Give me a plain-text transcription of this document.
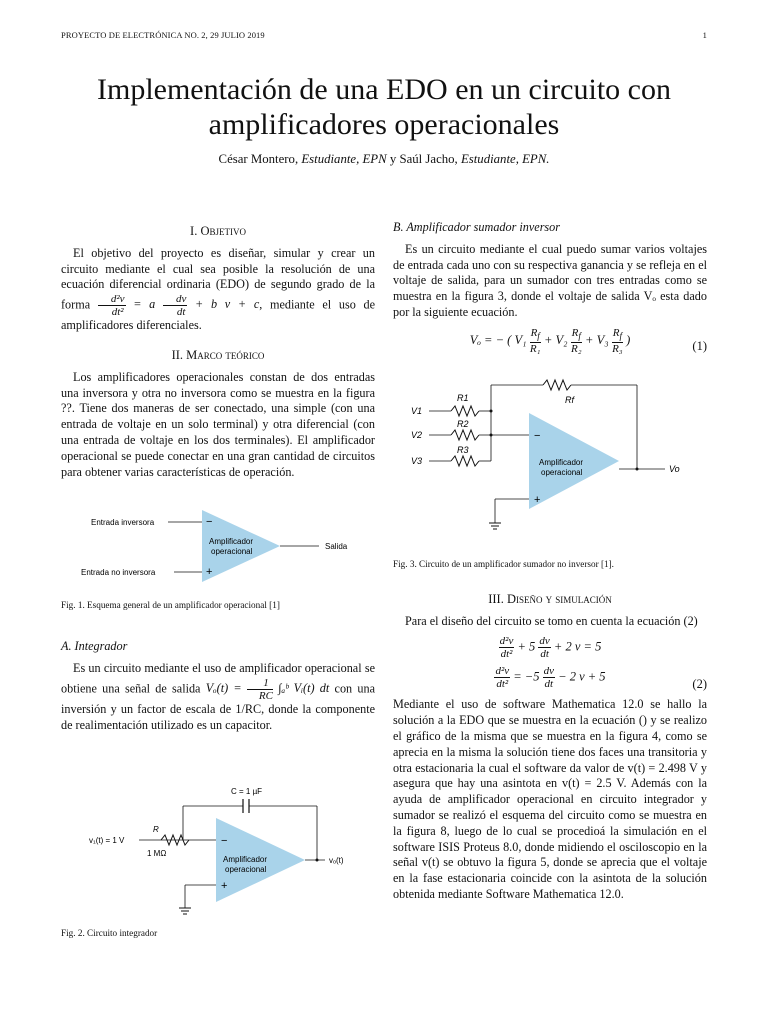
PROYECTO DE ELECTRÓNICA NO. 2, 29 JULIO 2019	1
Implementación de una EDO en un circuito con
amplificadores operacionales
César Montero, Estudiante, EPN y Saúl Jacho, Estudiante, EPN.
I. Objetivo

El objetivo del proyecto es diseñar, simular y crear un circuito mediante el cual sea posible la resolución de una ecuación diferencial ordinaria (EDO) de segundo grado de la forma $\frac{\text{d²v}}{\text{dt²}} = a \frac{dv}{dt} + b$ v + c, mediante el uso de amplificadores diferenciales.

II. Marco teórico

Los amplificadores operacionales constan de dos entradas una inversora y otra no inversora como se muestra en la figura ??. Tiene dos maneras de ser conectado, una simple (con una entrada de voltaje en un solo terminal) y otra diferencial (con una entrada de voltaje en los dos terminales). El amplificador operacional se puede conectar en una gran cantidad de circuitos para obtener varias características de operación.

Entrada inversora
Entrada no inversora
−
+
Amplificador
operacional
Salida
Fig. 1. Esquema general de un amplificador operacional [1]
A. Integrador

Es un circuito mediante el uso de amplificador operacional se obtiene una señal de salida $V_o(t) = \frac{1}{RC}$ ∫ₐᵇ Vᵢ(t) dt con una inversión y un factor de escala de 1/RC, donde la componente de realimentación utilizado es un capacitor.

C = 1 µF
R
1 MΩ
v₁(t) = 1 V
vₒ(t)
−
+
Amplificador
operacional
Fig. 2. Circuito integrador
B. Amplificador sumador inversor

Es un circuito mediante el cual puedo sumar varios voltajes de entrada cada uno con su respectiva ganancia y se refleja en el voltaje de salida, para un sumador con tres entradas como se muestra en la figura 3, donde el voltaje de salida Vₒ esta dado por la siguiente ecuación.

Vₒ = − ( $V_1 \frac{R_f}{\text{R₁}} + V_2 \frac{R_f}{\text{R₂}} + V_3 \frac{R_f}{\text{R₃}}$ )	(1)
Rf
R1
R2
R3
V1
V2
V3
Vo
−
+
Amplificador
operacional
Fig. 3. Circuito de un amplificador sumador no inversor [1].
III. Diseño y simulación

Para el diseño del circuito se tomo en cuenta la ecuación (2)

$\frac{\text{d²v}}{\text{dt²}} + 5 \frac{dv}{dt} + 2$ v = 5
$\frac{\text{d²v}}{\text{dt²}} = -5 \frac{dv}{dt} - 2$ v + 5
(2)

Mediante el uso de software Mathematica 12.0 se hallo la solución a la EDO que se muestra en la ecuación () y se realizo el gráfico de la misma que se muestra en la figura 4, como se aprecia en la misma la solución tiene dos faces una transitoria y otra estacionaria la cual el software da valor de v(t) = 2.498 V y asegura que hay una asintota en v(t) = 2.5 V. Además con la ayuda de amplificador operacional en circuito integrador y sumador se realizó el esquema del circuito como se muestra en la figura 8, luego de lo cual se procedioá la simulación en el software ISIS Proteus 8.0, donde midiendo el osciloscopio en la señal v(t) se obtuvo la figura 5, donde se aprecia que el voltaje en la fase estacionaria coincide con la asintota de la solución obtenida mediante Software Mathematica 12.0.
